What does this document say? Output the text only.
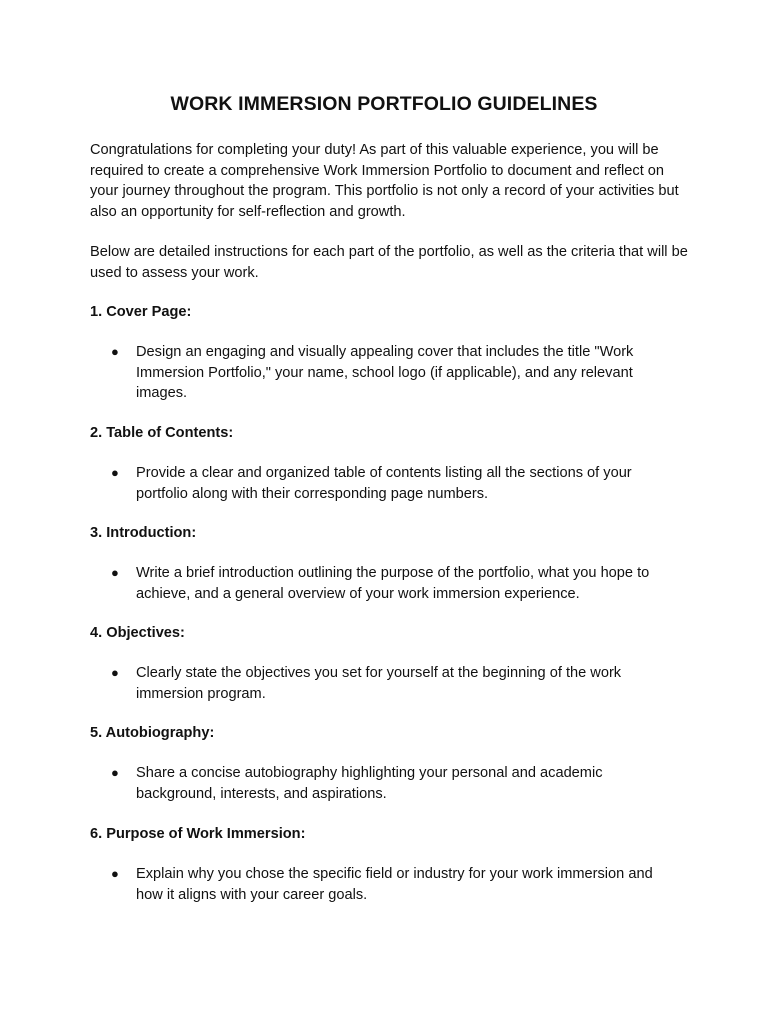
WORK IMMERSION PORTFOLIO GUIDELINES
Congratulations for completing your duty! As part of this valuable experience, you will be required to create a comprehensive Work Immersion Portfolio to document and reflect on your journey throughout the program. This portfolio is not only a record of your activities but also an opportunity for self-reflection and growth.
Below are detailed instructions for each part of the portfolio, as well as the criteria that will be used to assess your work.
1. Cover Page:
● Design an engaging and visually appealing cover that includes the title "Work Immersion Portfolio," your name, school logo (if applicable), and any relevant images.
2. Table of Contents:
● Provide a clear and organized table of contents listing all the sections of your portfolio along with their corresponding page numbers.
3. Introduction:
● Write a brief introduction outlining the purpose of the portfolio, what you hope to achieve, and a general overview of your work immersion experience.
4. Objectives:
● Clearly state the objectives you set for yourself at the beginning of the work immersion program.
5. Autobiography:
● Share a concise autobiography highlighting your personal and academic background, interests, and aspirations.
6. Purpose of Work Immersion:
● Explain why you chose the specific field or industry for your work immersion and how it aligns with your career goals.
